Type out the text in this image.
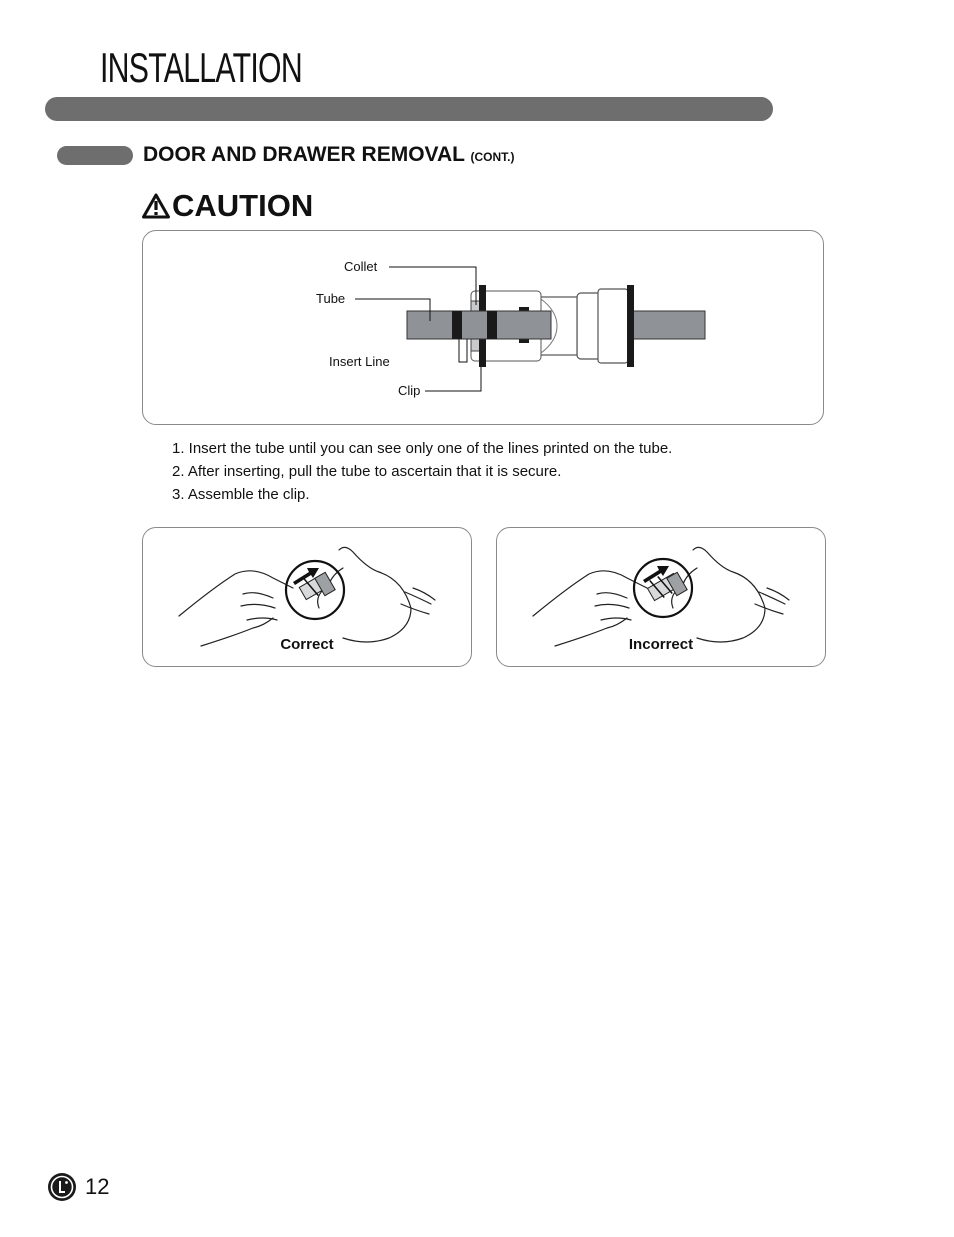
INSTALLATION
DOOR AND DRAWER REMOVAL (CONT.)
CAUTION
Collet
Tube
Insert Line
Clip
1. Insert the tube until you can see only one of the lines printed on the tube.
2. After inserting, pull the tube to ascertain that it is secure.
3. Assemble the clip.
Correct	Incorrect
12
